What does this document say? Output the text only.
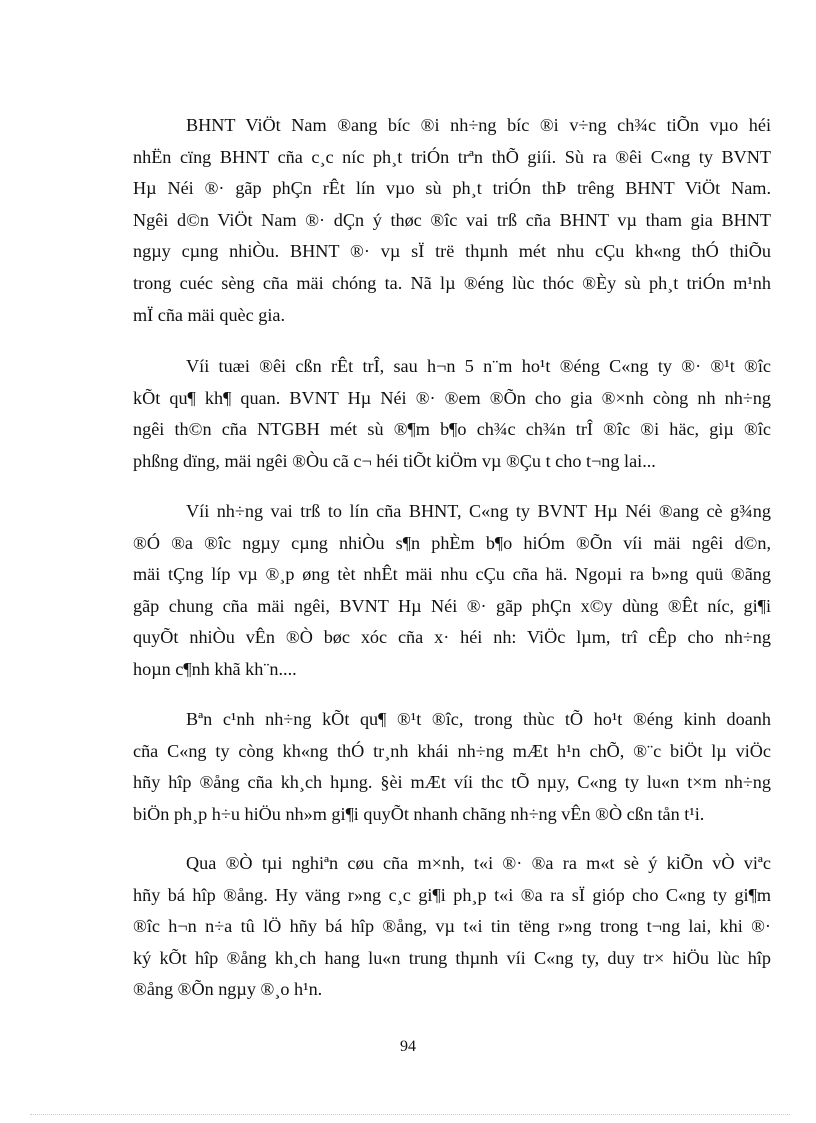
BHNT ViÖt Nam ®ang bíc ®i nh÷ng bíc ®i v÷ng ch¾c tiÕn vµo héi
nhËn cïng BHNT cña c¸c níc ph¸t triÓn trªn thÕ giíi. Sù ra ®êi C«ng ty BVNT
Hµ Néi ®· gãp phÇn rÊt lín vµo sù ph¸t triÓn thÞ trêng BHNT ViÖt Nam.
Ngêi d©n ViÖt Nam ®· dÇn ý thøc ®îc vai trß cña BHNT vµ tham gia BHNT
ngµy cµng nhiÒu. BHNT ®· vµ sÏ trë thµnh mét nhu cÇu kh«ng thÓ thiÕu
trong cuéc sèng cña mäi chóng ta. Nã lµ ®éng lùc thóc ®Èy sù ph¸t triÓn m¹nh
mÏ cña mäi quèc gia.
Víi tuæi ®êi cßn rÊt trÎ, sau h¬n 5 n¨m ho¹t ®éng C«ng ty ®· ®¹t ®îc
kÕt qu¶ kh¶ quan. BVNT Hµ Néi ®· ®em ®Õn cho gia ®×nh còng nh nh÷ng
ngêi th©n cña NTGBH mét sù ®¶m b¶o ch¾c ch¾n trÎ ®îc ®i häc, giµ ®îc
phßng dïng, mäi ngêi ®Òu cã c¬ héi tiÕt kiÖm vµ ®Çu t cho t¬ng lai...
Víi nh÷ng vai trß to lín cña BHNT, C«ng ty BVNT Hµ Néi ®ang cè g¾ng
®Ó ®a ®îc ngµy cµng nhiÒu s¶n phÈm b¶o hiÓm ®Õn víi mäi ngêi d©n,
mäi tÇng líp vµ ®¸p øng tèt nhÊt mäi nhu cÇu cña hä. Ngoµi ra b»ng quü ®ãng
gãp chung cña mäi ngêi, BVNT Hµ Néi ®· gãp phÇn x©y dùng ®Êt níc, gi¶i
quyÕt nhiÒu vÊn ®Ò bøc xóc cña x· héi nh: ViÖc lµm, trî cÊp cho nh÷ng
hoµn c¶nh khã kh¨n....
Bªn c¹nh nh÷ng kÕt qu¶ ®¹t ®îc, trong thùc tÕ ho¹t ®éng kinh doanh
cña C«ng ty còng kh«ng thÓ tr¸nh khái nh÷ng mÆt h¹n chÕ, ®¨c biÖt lµ viÖc
hñy hîp ®ång cña kh¸ch hµng. §èi mÆt víi thc tÕ nµy, C«ng ty lu«n t×m nh÷ng
biÖn ph¸p h÷u hiÖu nh»m gi¶i quyÕt nhanh chãng nh÷ng vÊn ®Ò cßn tån t¹i.
Qua ®Ò tµi nghiªn cøu cña m×nh, t«i ®· ®a ra m«t sè ý kiÕn vÒ viªc
hñy bá hîp ®ång. Hy väng r»ng c¸c gi¶i ph¸p t«i ®a ra sÏ gióp cho C«ng ty gi¶m
®îc h¬n n÷a tû lÖ hñy bá hîp ®ång, vµ t«i tin tëng r»ng trong t¬ng lai, khi ®·
ký kÕt hîp ®ång kh¸ch hang lu«n trung thµnh víi C«ng ty, duy tr× hiÖu lùc hîp
®ång ®Õn ngµy ®¸o h¹n.
94
